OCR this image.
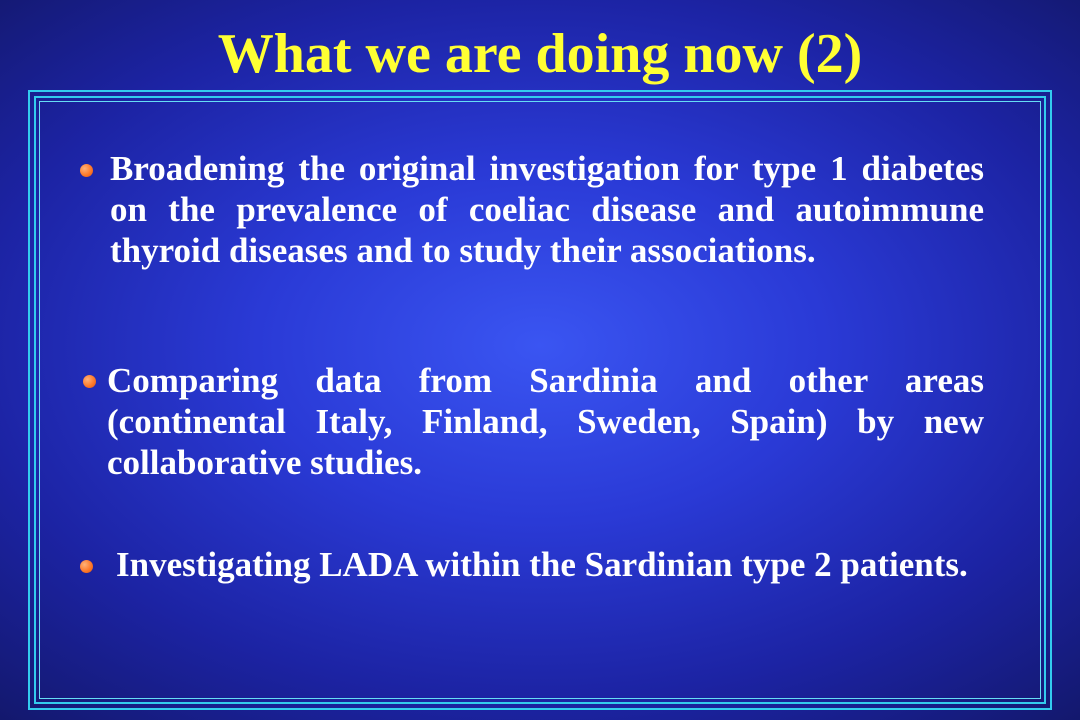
What we are doing now (2)

Broadening the original investigation for type 1 diabetes on the prevalence of coeliac disease and autoimmune thyroid diseases and to study their associations.

Comparing data from Sardinia and other areas (continental Italy, Finland, Sweden, Spain) by new collaborative studies.

Investigating LADA within the Sardinian type 2 patients.
